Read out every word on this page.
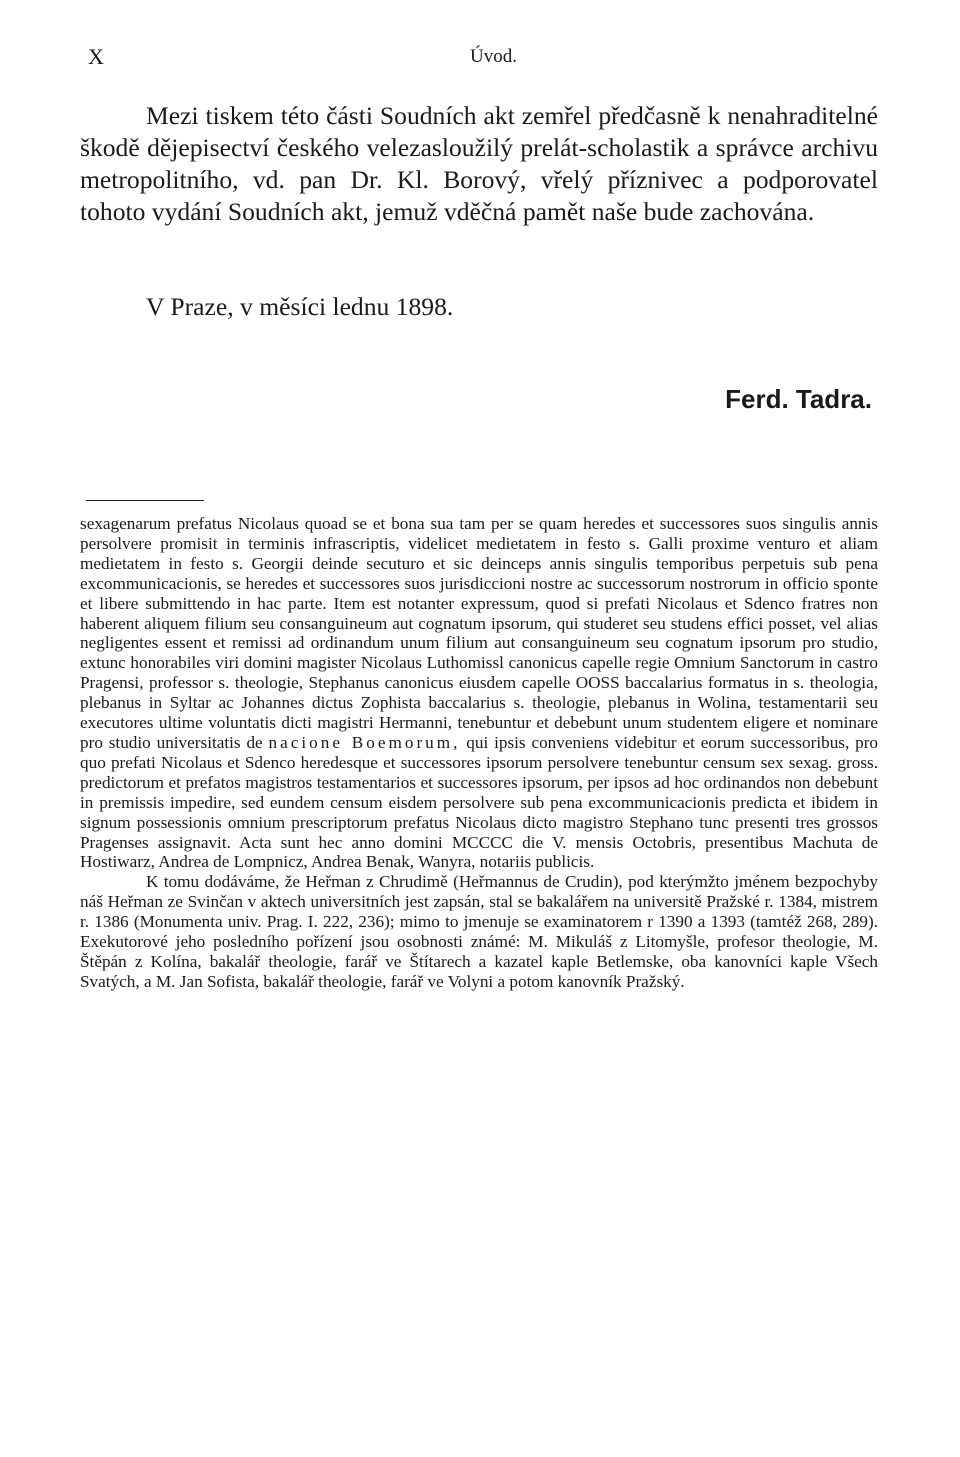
X	Úvod.

Mezi tiskem této části Soudních akt zemřel předčasně k nenahraditelné škodě dějepisectví českého velezasloužilý prelát-scholastik a správce archivu metropolitního, vd. pan Dr. Kl. Borový, vřelý příznivec a podporovatel tohoto vydání Soudních akt, jemuž vděčná pamět naše bude zachována.

V Praze, v měsíci lednu 1898.
Ferd. Tadra.

sexagenarum prefatus Nicolaus quoad se et bona sua tam per se quam heredes et successores suos singulis annis persolvere promisit in terminis infrascriptis, videlicet medietatem in festo s. Galli proxime venturo et aliam medietatem in festo s. Georgii deinde secuturo et sic deinceps annis singulis temporibus perpetuis sub pena excommunicacionis, se heredes et successores suos jurisdiccioni nostre ac successorum nostrorum in officio sponte et libere submittendo in hac parte. Item est notanter expressum, quod si prefati Nicolaus et Sdenco fratres non haberent aliquem filium seu consanguineum aut cognatum ipsorum, qui studeret seu studens effici posset, vel alias negligentes essent et remissi ad ordinandum unum filium aut consanguineum seu cognatum ipsorum pro studio, extunc honorabiles viri domini magister Nicolaus Luthomissl canonicus capelle regie Omnium Sanctorum in castro Pragensi, professor s. theologie, Stephanus canonicus eiusdem capelle OOSS baccalarius formatus in s. theologia, plebanus in Syltar ac Johannes dictus Zophista baccalarius s. theologie, plebanus in Wolina, testamentarii seu executores ultime voluntatis dicti magistri Hermanni, tenebuntur et debebunt unum studentem eligere et nominare pro studio universitatis de nacione Boemorum, qui ipsis conveniens videbitur et eorum successoribus, pro quo prefati Nicolaus et Sdenco heredesque et successores ipsorum persolvere tenebuntur censum sex sexag. gross. predictorum et prefatos magistros testamentarios et successores ipsorum, per ipsos ad hoc ordinandos non debebunt in premissis impedire, sed eundem censum eisdem persolvere sub pena excommunicacionis predicta et ibidem in signum possessionis omnium prescriptorum prefatus Nicolaus dicto magistro Stephano tunc presenti tres grossos Pragenses assignavit. Acta sunt hec anno domini MCCCC die V. mensis Octobris, presentibus Machuta de Hostiwarz, Andrea de Lompnicz, Andrea Benak, Wanyra, notariis publicis.

K tomu dodáváme, že Heřman z Chrudimě (Heřmannus de Crudin), pod kterýmžto jménem bezpochyby náš Heřman ze Svinčan v aktech universitních jest zapsán, stal se bakalářem na universitě Pražské r. 1384, mistrem r. 1386 (Monumenta univ. Prag. I. 222, 236); mimo to jmenuje se examinatorem r 1390 a 1393 (tamtéž 268, 289). Exekutorové jeho posledního pořízení jsou osobnosti známé: M. Mikuláš z Litomyšle, profesor theologie, M. Štěpán z Kolína, bakalář theologie, farář ve Štítarech a kazatel kaple Betlemske, oba kanovníci kaple Všech Svatých, a M. Jan Sofista, bakalář theologie, farář ve Volyni a potom kanovník Pražský.
